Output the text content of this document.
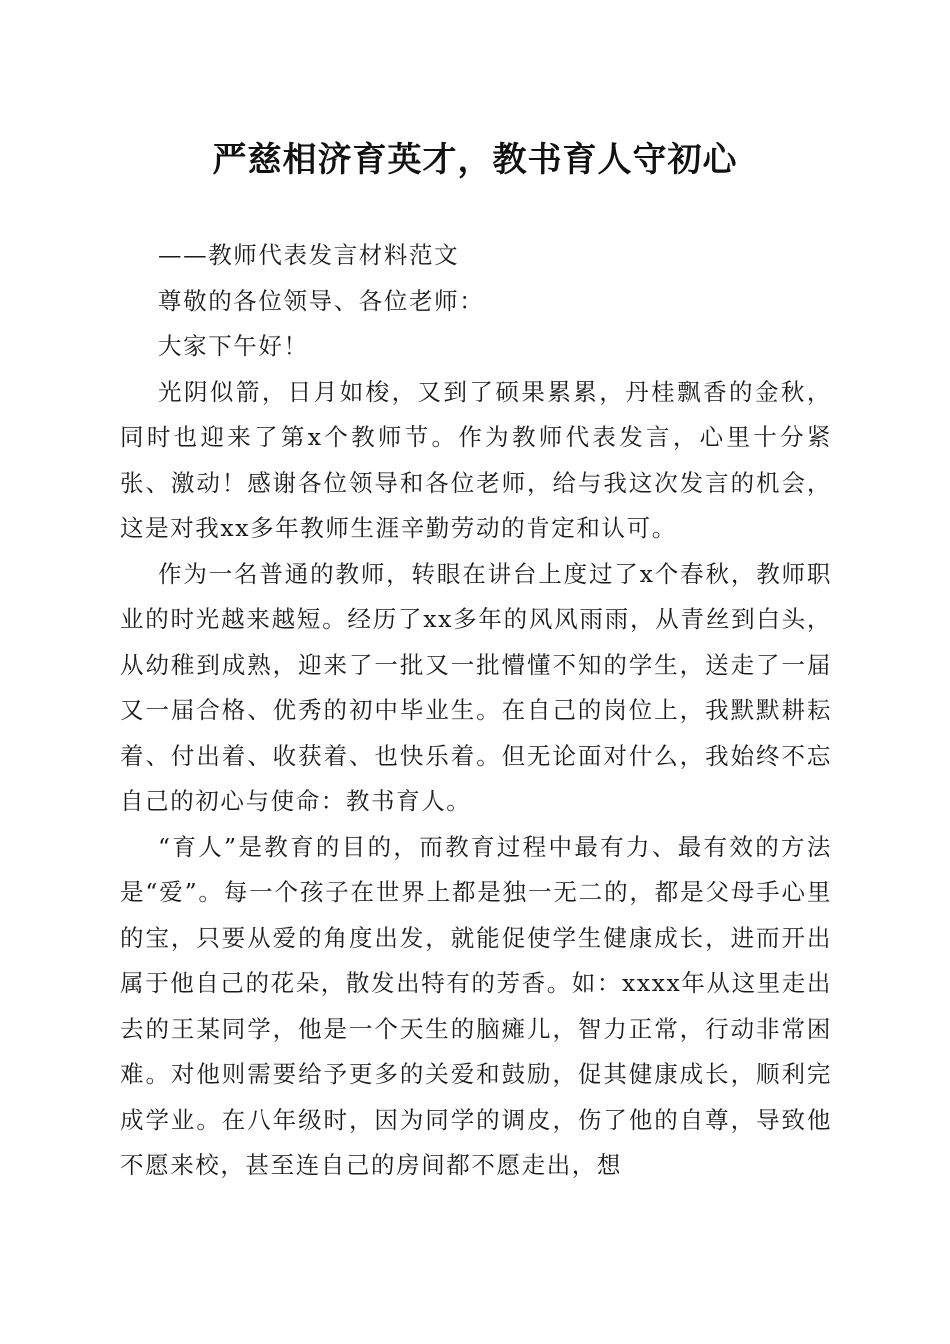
严慈相济育英才，教书育人守初心

——教师代表发言材料范文

尊敬的各位领导、各位老师：

大家下午好！

光阴似箭，日月如梭，又到了硕果累累，丹桂飘香的金秋，同时也迎来了第x个教师节。作为教师代表发言，心里十分紧张、激动！感谢各位领导和各位老师，给与我这次发言的机会，这是对我xx多年教师生涯辛勤劳动的肯定和认可。

作为一名普通的教师，转眼在讲台上度过了x个春秋，教师职业的时光越来越短。经历了xx多年的风风雨雨，从青丝到白头，从幼稚到成熟，迎来了一批又一批懵懂不知的学生，送走了一届又一届合格、优秀的初中毕业生。在自己的岗位上，我默默耕耘着、付出着、收获着、也快乐着。但无论面对什么，我始终不忘自己的初心与使命：教书育人。

“育人”是教育的目的，而教育过程中最有力、最有效的方法是“爱”。每一个孩子在世界上都是独一无二的，都是父母手心里的宝，只要从爱的角度出发，就能促使学生健康成长，进而开出属于他自己的花朵，散发出特有的芳香。如：xxxx年从这里走出去的王某同学，他是一个天生的脑瘫儿，智力正常，行动非常困难。对他则需要给予更多的关爱和鼓励，促其健康成长，顺利完成学业。在八年级时，因为同学的调皮，伤了他的自尊，导致他不愿来校，甚至连自己的房间都不愿走出，想
